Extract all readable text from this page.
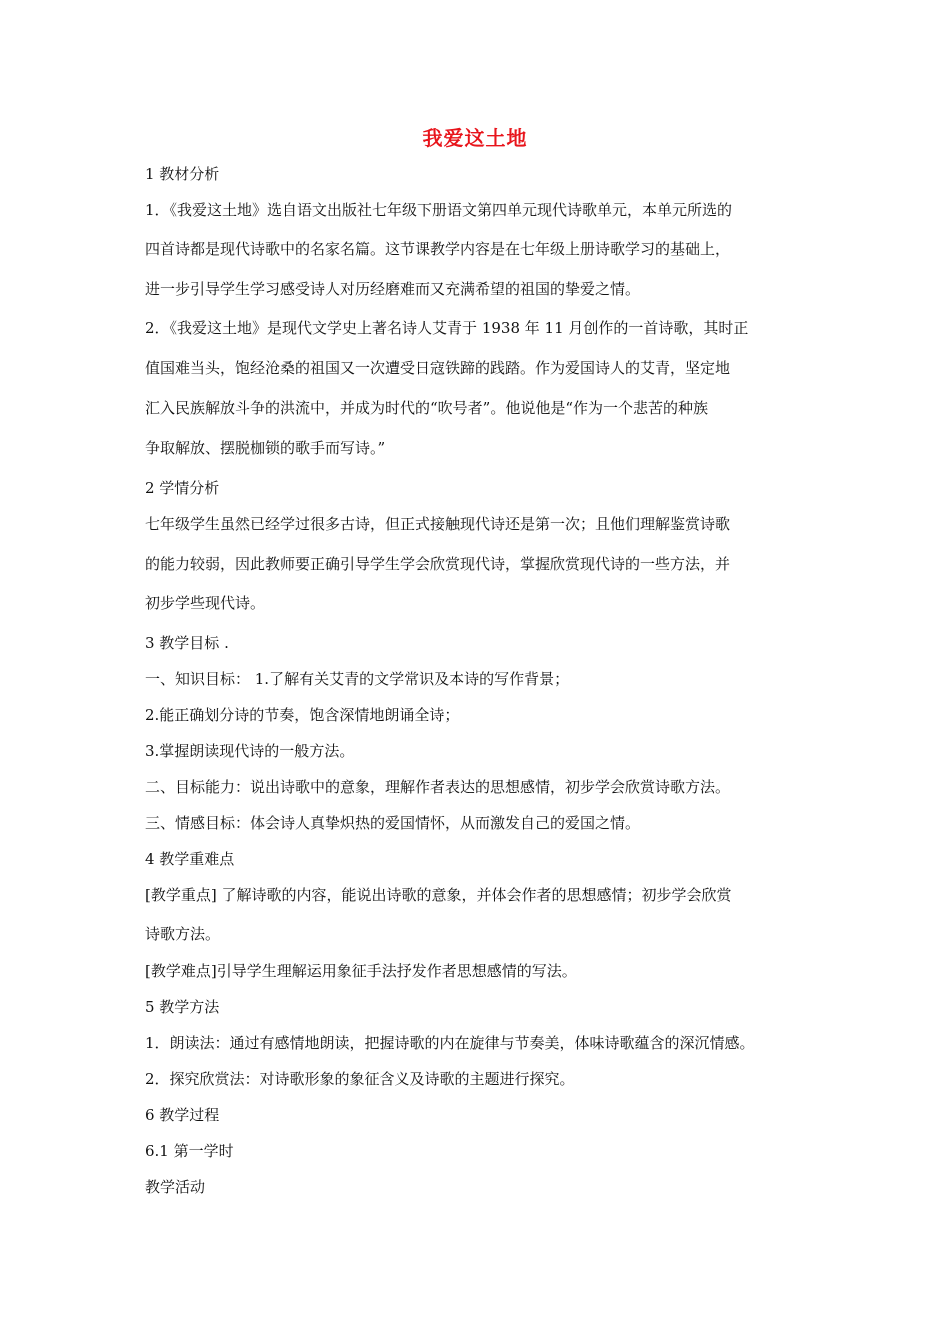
我爱这土地
1 教材分析
1．《我爱这土地》选自语文出版社七年级下册语文第四单元现代诗歌单元，本单元所选的
四首诗都是现代诗歌中的名家名篇。这节课教学内容是在七年级上册诗歌学习的基础上，
进一步引导学生学习感受诗人对历经磨难而又充满希望的祖国的挚爱之情。
2．《我爱这土地》是现代文学史上著名诗人艾青于 1938 年 11 月创作的一首诗歌，其时正
值国难当头，饱经沧桑的祖国又一次遭受日寇铁蹄的践踏。作为爱国诗人的艾青，坚定地
汇入民族解放斗争的洪流中，并成为时代的“吹号者”。他说他是“作为一个悲苦的种族
争取解放、摆脱枷锁的歌手而写诗。”
2 学情分析
七年级学生虽然已经学过很多古诗，但正式接触现代诗还是第一次；且他们理解鉴赏诗歌
的能力较弱，因此教师要正确引导学生学会欣赏现代诗，掌握欣赏现代诗的一些方法，并
初步学些现代诗。
3 教学目标 .
一、知识目标： 1.了解有关艾青的文学常识及本诗的写作背景；
2.能正确划分诗的节奏，饱含深情地朗诵全诗；
3.掌握朗读现代诗的一般方法。
二、目标能力：说出诗歌中的意象，理解作者表达的思想感情，初步学会欣赏诗歌方法。
三、情感目标：体会诗人真挚炽热的爱国情怀，从而激发自己的爱国之情。
4 教学重难点
[教学重点] 了解诗歌的内容，能说出诗歌的意象，并体会作者的思想感情；初步学会欣赏
诗歌方法。
[教学难点]引导学生理解运用象征手法抒发作者思想感情的写法。
5 教学方法
1．朗读法：通过有感情地朗读，把握诗歌的内在旋律与节奏美，体味诗歌蕴含的深沉情感。
2．探究欣赏法：对诗歌形象的象征含义及诗歌的主题进行探究。
6 教学过程
6.1 第一学时
教学活动
